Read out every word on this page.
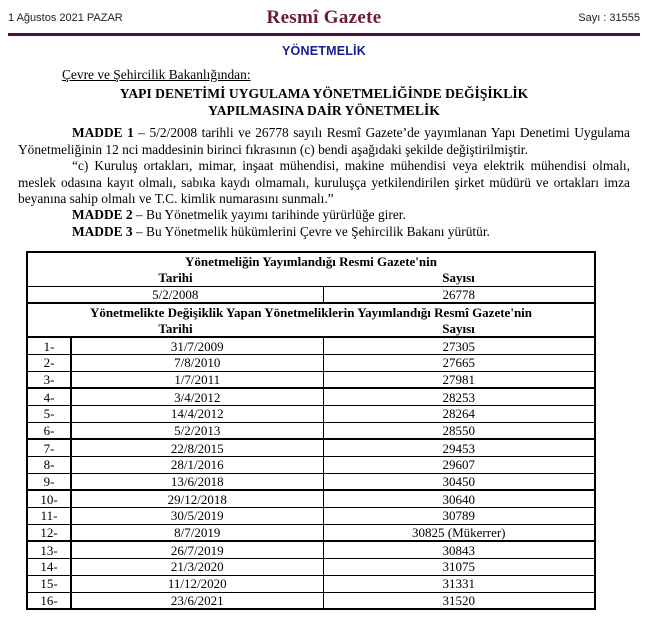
1 Ağustos 2021 PAZAR	Resmî Gazete	Sayı : 31555
YÖNETMELİK
Çevre ve Şehircilik Bakanlığından:
YAPI DENETİMİ UYGULAMA YÖNETMELİĞİNDE DEĞİŞİKLİK
YAPILMASINA DAİR YÖNETMELİK

MADDE 1 – 5/2/2008 tarihli ve 26778 sayılı Resmî Gazete’de yayımlanan Yapı Denetimi Uygulama Yönetmeliğinin 12 nci maddesinin birinci fıkrasının (c) bendi aşağıdaki şekilde değiştirilmiştir.

“c) Kuruluş ortakları, mimar, inşaat mühendisi, makine mühendisi veya elektrik mühendisi olmalı, meslek odasına kayıt olmalı, sabıka kaydı olmamalı, kuruluşça yetkilendirilen şirket müdürü ve ortakları imza beyanına sahip olmalı ve T.C. kimlik numarasını sunmalı.”

MADDE 2 – Bu Yönetmelik yayımı tarihinde yürürlüğe girer.

MADDE 3 – Bu Yönetmelik hükümlerini Çevre ve Şehircilik Bakanı yürütür.

Yönetmeliğin Yayımlandığı Resmi Gazete'nin		
Tarihi		Sayısı
5/2/2008		26778
Yönetmelikte Değişiklik Yapan Yönetmeliklerin Yayımlandığı Resmî Gazete'nin		
Tarihi		Sayısı
1-	31/7/2009	27305
2-	7/8/2010	27665
3-	1/7/2011	27981
4-	3/4/2012	28253
5-	14/4/2012	28264
6-	5/2/2013	28550
7-	22/8/2015	29453
8-	28/1/2016	29607
9-	13/6/2018	30450
10-	29/12/2018	30640
11-	30/5/2019	30789
12-	8/7/2019	30825 (Mükerrer)
13-	26/7/2019	30843
14-	21/3/2020	31075
15-	11/12/2020	31331
16-	23/6/2021	31520
